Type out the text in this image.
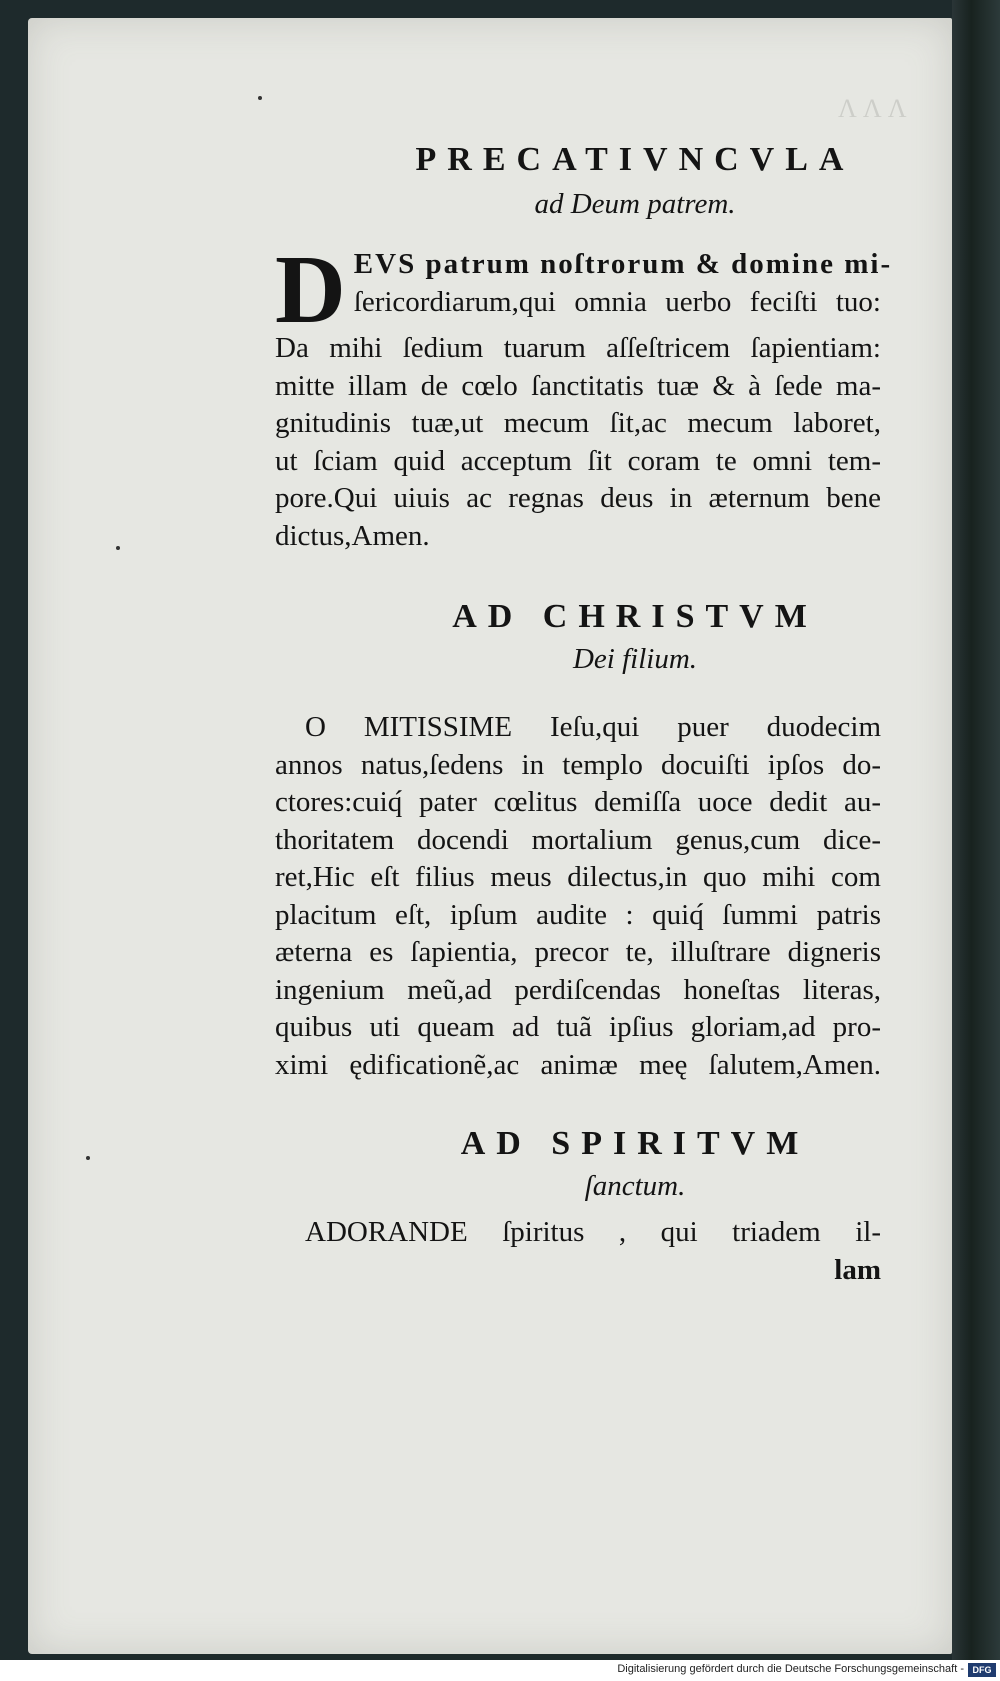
ΛΛΛ
PRECATIVNCVLA
ad Deum patrem.
D EVS patrum noſtrorum & domine mi-
ſericordiarum,qui omnia uerbo feciſti tuo:
Da mihi ſedium tuarum aſſeſtricem ſapientiam:
mitte illam de cœlo ſanctitatis tuæ & à ſede ma-
gnitudinis tuæ,ut mecum ſit,ac mecum laboret,
ut ſciam quid acceptum ſit coram te omni tem-
pore.Qui uiuis ac regnas deus in æternum bene
dictus,Amen.
AD CHRISTVM
Dei filium.
O MITISSIME Ieſu,qui puer duodecim
annos natus,ſedens in templo docuiſti ipſos do-
ctores:cuiq́ pater cœlitus demiſſa uoce dedit au-
thoritatem docendi mortalium genus,cum dice-
ret,Hic eſt filius meus dilectus,in quo mihi com
placitum eſt, ipſum audite : quiq́ ſummi patris
æterna es ſapientia, precor te, illuſtrare digneris
ingenium meũ,ad perdiſcendas honeſtas literas,
quibus uti queam ad tuã ipſius gloriam,ad pro-
ximi ędificationẽ,ac animæ meę ſalutem,Amen.
AD SPIRITVM
ſanctum.
ADORANDE ſpiritus , qui triadem il-
lam
Digitalisierung gefördert durch die Deutsche Forschungsgemeinschaft - DFG
